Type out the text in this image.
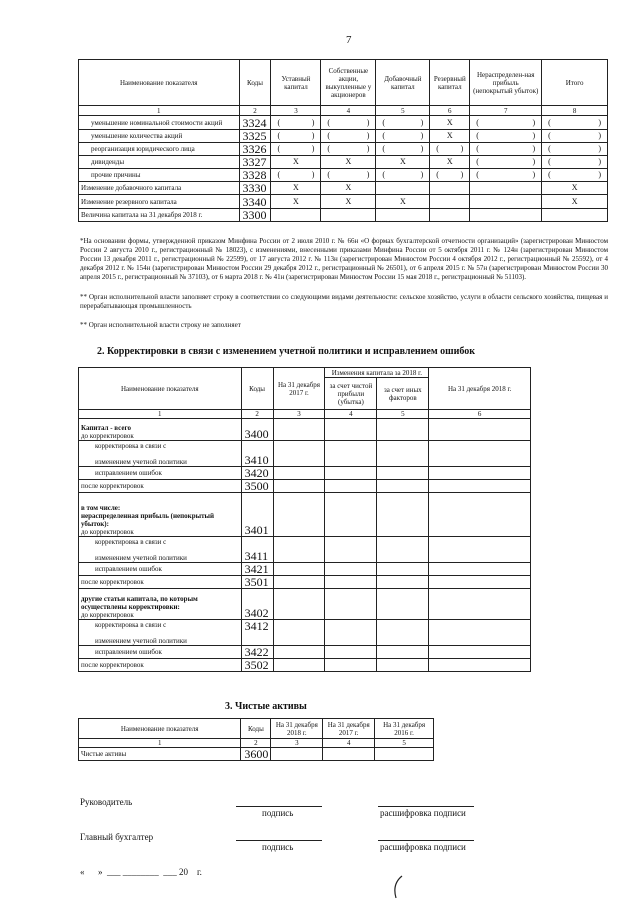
7
Наименование показателя	Коды	Уставный капитал	Собственные акции, выкупленные у акционеров	Добавочный капитал	Резервный капитал	Нераспределен-ная прибыль (непокрытый убыток)	Итого
1	2	3	4	5	6	7	8
уменьшение номинальной стоимости акций	3324	( )	( )	( )	X	( )	( )

уменьшение количества акций	3325	( )	( )	( )	X	( )	( )

реорганизация юридического лица	3326	( )	( )	( )	( )	( )	( )

дивиденды	3327	X	X	X	X	( )	( )

прочие причины	3328	( )	( )	( )	( )	( )	( )

Изменение добавочного капитала	3330	X	X				X
Изменение резервного капитала	3340	X	X	X			X
Величина капитала на 31 декабря 2018 г.	3300						
*На основании формы, утвержденной приказом Минфина России от 2 июля 2010 г. № 66н «О формах бухгалтерской отчетности организаций» (зарегистрирован Минюстом России 2 августа 2010 г., регистрационный № 18023), с изменениями, внесенными приказами Минфина России от 5 октября 2011 г. № 124н (зарегистрирован Минюстом России 13 декабря 2011 г., регистрационный № 22599), от 17 августа 2012 г. № 113н (зарегистрирован Минюстом России 4 октября 2012 г., регистрационный № 25592), от 4 декабря 2012 г. № 154н (зарегистрирован Минюстом России 29 декабря 2012 г., регистрационный № 26501), от 6 апреля 2015 г. № 57н (зарегистрирован Минюстом России 30 апреля 2015 г., регистрационный № 37103), от 6 марта 2018 г. № 41н (зарегистрирован Минюстом России 15 мая 2018 г., регистрационный № 51103).
** Орган исполнительной власти заполняет строку в соответствии со следующими видами деятельности: сельское хозяйство, услуги в области сельского хозяйства, пищевая и перерабатывающая промышленность
** Орган исполнительной власти строку не заполняет
2. Корректировки в связи с изменением учетной политики и исправлением ошибок
Наименование показателя	Коды	На 31 декабря 2017 г.	Изменения капитала за 2018 г.		На 31 декабря 2018 г.
			за счет чистой прибыли (убытка)	за счет иных факторов	
1	2	3	4	5	6
Капитал - всего
до корректировок	3400				
корректировка в связи с

изменением учетной политики	3410				
исправлением ошибок	3420				
после корректировок	3500				
в том числе:
нераспределенная прибыль (непокрытый убыток):
до корректировок	3401				
корректировка в связи с

изменением учетной политики	3411				
исправлением ошибок	3421				
после корректировок	3501				
другие статьи капитала, по которым осуществлены корректировки:
до корректировок	3402				
корректировка в связи с

изменением учетной политики	3412				
исправлением ошибок	3422				
после корректировок	3502				
3. Чистые активы
Наименование показателя	Коды	На 31 декабря 2018 г.	На 31 декабря 2017 г.	На 31 декабря 2016 г.
1	2	3	4	5
Чистые активы	3600			
Руководитель
подпись	расшифровка подписи
Главный бухгалтер
подпись	расшифровка подписи
«      »  ___ ________  ___ 20    г.
